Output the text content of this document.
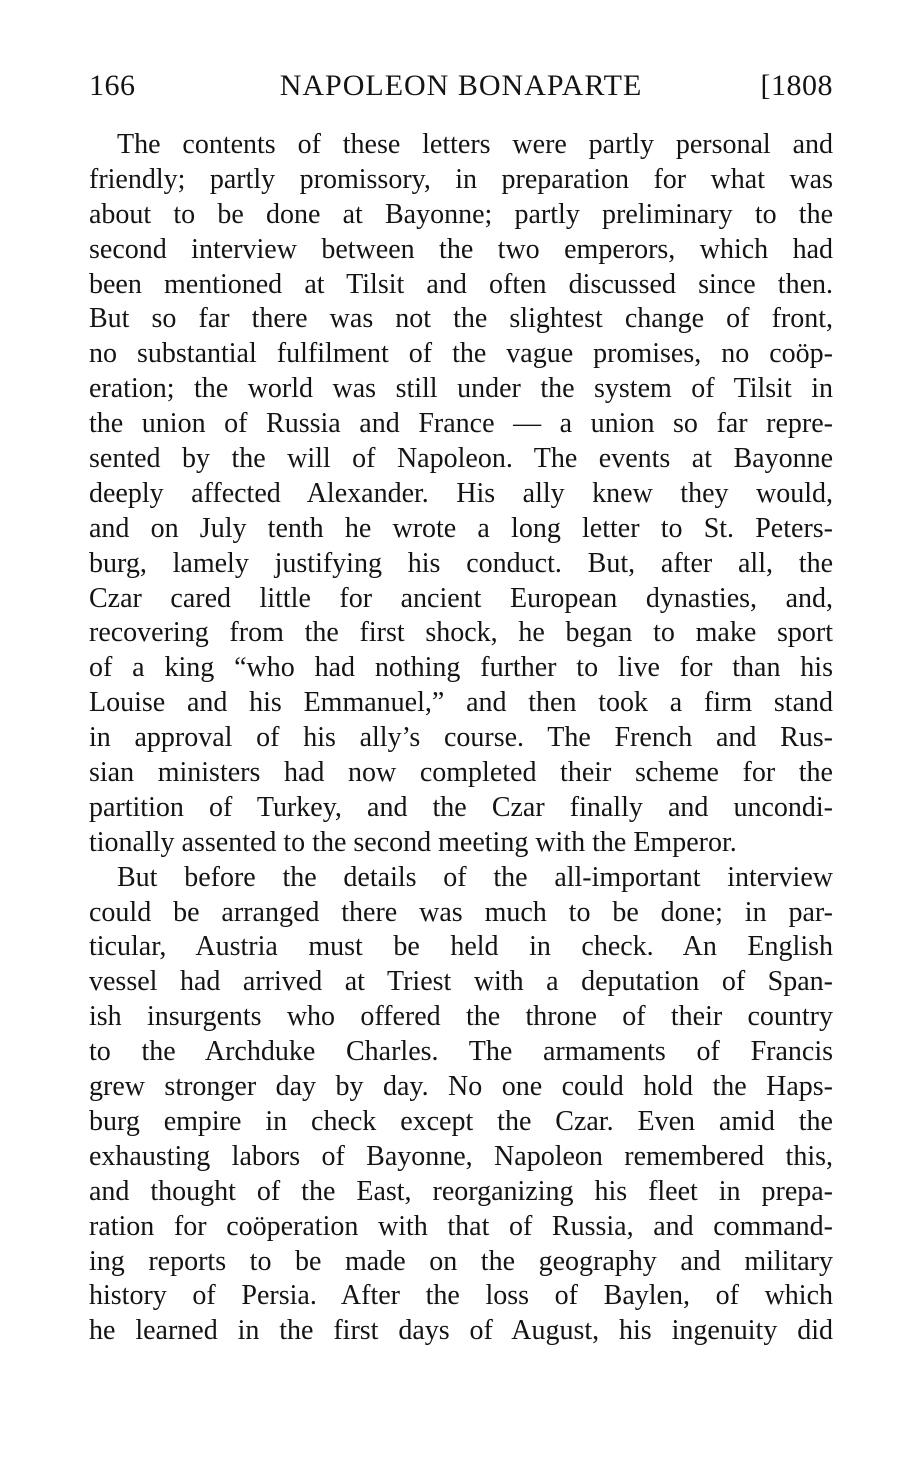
166	NAPOLEON BONAPARTE	[1808
The contents of these letters were partly personal and
friendly; partly promissory, in preparation for what was
about to be done at Bayonne; partly preliminary to the
second interview between the two emperors, which had
been mentioned at Tilsit and often discussed since then.
But so far there was not the slightest change of front,
no substantial fulfilment of the vague promises, no coöp-
eration; the world was still under the system of Tilsit in
the union of Russia and France — a union so far repre-
sented by the will of Napoleon. The events at Bayonne
deeply affected Alexander. His ally knew they would,
and on July tenth he wrote a long letter to St. Peters-
burg, lamely justifying his conduct. But, after all, the
Czar cared little for ancient European dynasties, and,
recovering from the first shock, he began to make sport
of a king “who had nothing further to live for than his
Louise and his Emmanuel,” and then took a firm stand
in approval of his ally’s course. The French and Rus-
sian ministers had now completed their scheme for the
partition of Turkey, and the Czar finally and uncondi-
tionally assented to the second meeting with the Emperor.
But before the details of the all-important interview
could be arranged there was much to be done; in par-
ticular, Austria must be held in check. An English
vessel had arrived at Triest with a deputation of Span-
ish insurgents who offered the throne of their country
to the Archduke Charles. The armaments of Francis
grew stronger day by day. No one could hold the Haps-
burg empire in check except the Czar. Even amid the
exhausting labors of Bayonne, Napoleon remembered this,
and thought of the East, reorganizing his fleet in prepa-
ration for coöperation with that of Russia, and command-
ing reports to be made on the geography and military
history of Persia. After the loss of Baylen, of which
he learned in the first days of August, his ingenuity did
